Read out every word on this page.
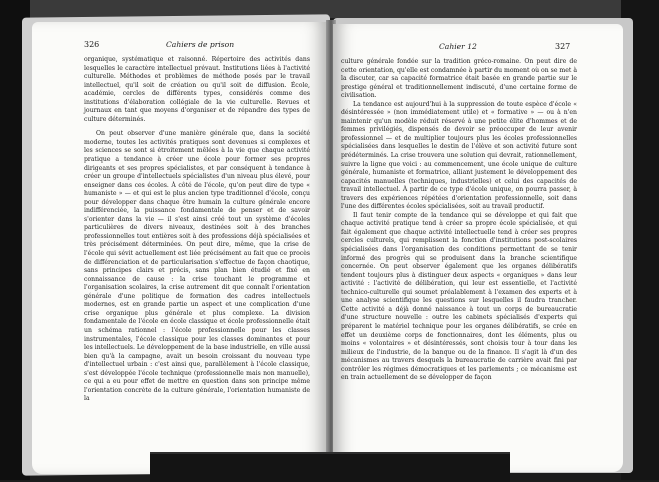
326	Cahiers de prison

organique, systématique et raisonné. Répertoire des activités dans lesquelles le caractère intellectuel prévaut. Institutions liées à l'activité culturelle. Méthodes et problèmes de méthode posés par le travail intellectuel, qu'il soit de création ou qu'il soit de diffusion. École, académie, cercles de différents types, considérés comme des institutions d'élaboration collégiale de la vie culturelle. Revues et journaux en tant que moyens d'organiser et de répandre des types de culture déterminés.

On peut observer d'une manière générale que, dans la société moderne, toutes les activités pratiques sont devenues si complexes et les sciences se sont si étroitement mêlées à la vie que chaque activité pratique a tendance à créer une école pour former ses propres dirigeants et ses propres spécialistes, et par conséquent à tendance à créer un groupe d'intellectuels spécialistes d'un niveau plus élevé, pour enseigner dans ces écoles. À côté de l'école, qu'on peut dire de type « humaniste » — et qui est le plus ancien type traditionnel d'école, conçu pour développer dans chaque être humain la culture générale encore indifférenciée, la puissance fondamentale de penser et de savoir s'orienter dans la vie — il s'est ainsi créé tout un système d'écoles particulières de divers niveaux, destinées soit à des branches professionnelles tout entières soit à des professions déjà spécialisées et très précisément déterminées. On peut dire, même, que la crise de l'école qui sévit actuellement est liée précisément au fait que ce procès de différenciation et de particularisation s'effectue de façon chaotique, sans principes clairs et précis, sans plan bien étudié et fixé en connaissance de cause : la crise touchant le programme et l'organisation scolaires, la crise autrement dit que connaît l'orientation générale d'une politique de formation des cadres intellectuels modernes, est en grande partie un aspect et une complication d'une crise organique plus générale et plus complexe. La division fondamentale de l'école en école classique et école professionnelle était un schéma rationnel : l'école professionnelle pour les classes instrumentales, l'école classique pour les classes dominantes et pour les intellectuels. Le développement de la base industrielle, en ville aussi bien qu'à la campagne, avait un besoin croissant du nouveau type d'intellectuel urbain : c'est ainsi que, parallèlement à l'école classique, s'est développée l'école technique (professionnelle mais non manuelle), ce qui a eu pour effet de mettre en question dans son principe même l'orientation concrète de la culture générale, l'orientation humaniste de la

Cahier 12	327

culture générale fondée sur la tradition gréco-romaine. On peut dire de cette orientation, qu'elle est condamnée à partir du moment où on se met à la discuter, car sa capacité formatrice était basée en grande partie sur le prestige général et traditionnellement indiscuté, d'une certaine forme de civilisation.

La tendance est aujourd'hui à la suppression de toute espèce d'école « désintéressée » (non immédiatement utile) et « formative » — ou à n'en maintenir qu'un modèle réduit réservé à une petite élite d'hommes et de femmes privilégiés, dispensés de devoir se préoccuper de leur avenir professionnel — et de multiplier toujours plus les écoles professionnelles spécialisées dans lesquelles le destin de l'élève et son activité future sont prédéterminés. La crise trouvera une solution qui devrait, rationnellement, suivre la ligne que voici : au commencement, une école unique de culture générale, humaniste et formatrice, alliant justement le développement des capacités manuelles (techniques, industrielles) et celui des capacités de travail intellectuel. À partir de ce type d'école unique, on pourra passer, à travers des expériences répétées d'orientation professionnelle, soit dans l'une des différentes écoles spécialisées, soit au travail productif.

Il faut tenir compte de la tendance qui se développe et qui fait que chaque activité pratique tend à créer sa propre école spécialisée, et qui fait également que chaque activité intellectuelle tend à créer ses propres cercles culturels, qui remplissent la fonction d'institutions post-scolaires spécialisées dans l'organisation des conditions permettant de se tenir informé des progrès qui se produisent dans la branche scientifique concernée. On peut observer également que les organes délibératifs tendent toujours plus à distinguer deux aspects « organiques » dans leur activité : l'activité de délibération, qui leur est essentielle, et l'activité technico-culturelle qui soumet préalablement à l'examen des experts et à une analyse scientifique les questions sur lesquelles il faudra trancher. Cette activité a déjà donné naissance à tout un corps de bureaucratie d'une structure nouvelle : outre les cabinets spécialisés d'experts qui préparent le matériel technique pour les organes délibératifs, se crée en effet un deuxième corps de fonctionnaires, dont les éléments, plus ou moins « volontaires » et désintéressés, sont choisis tour à tour dans les milieux de l'industrie, de la banque ou de la finance. Il s'agit là d'un des mécanismes au travers desquels la bureaucratie de carrière avait fini par contrôler les régimes démocratiques et les parlements ; ce mécanisme est en train actuellement de se développer de façon
